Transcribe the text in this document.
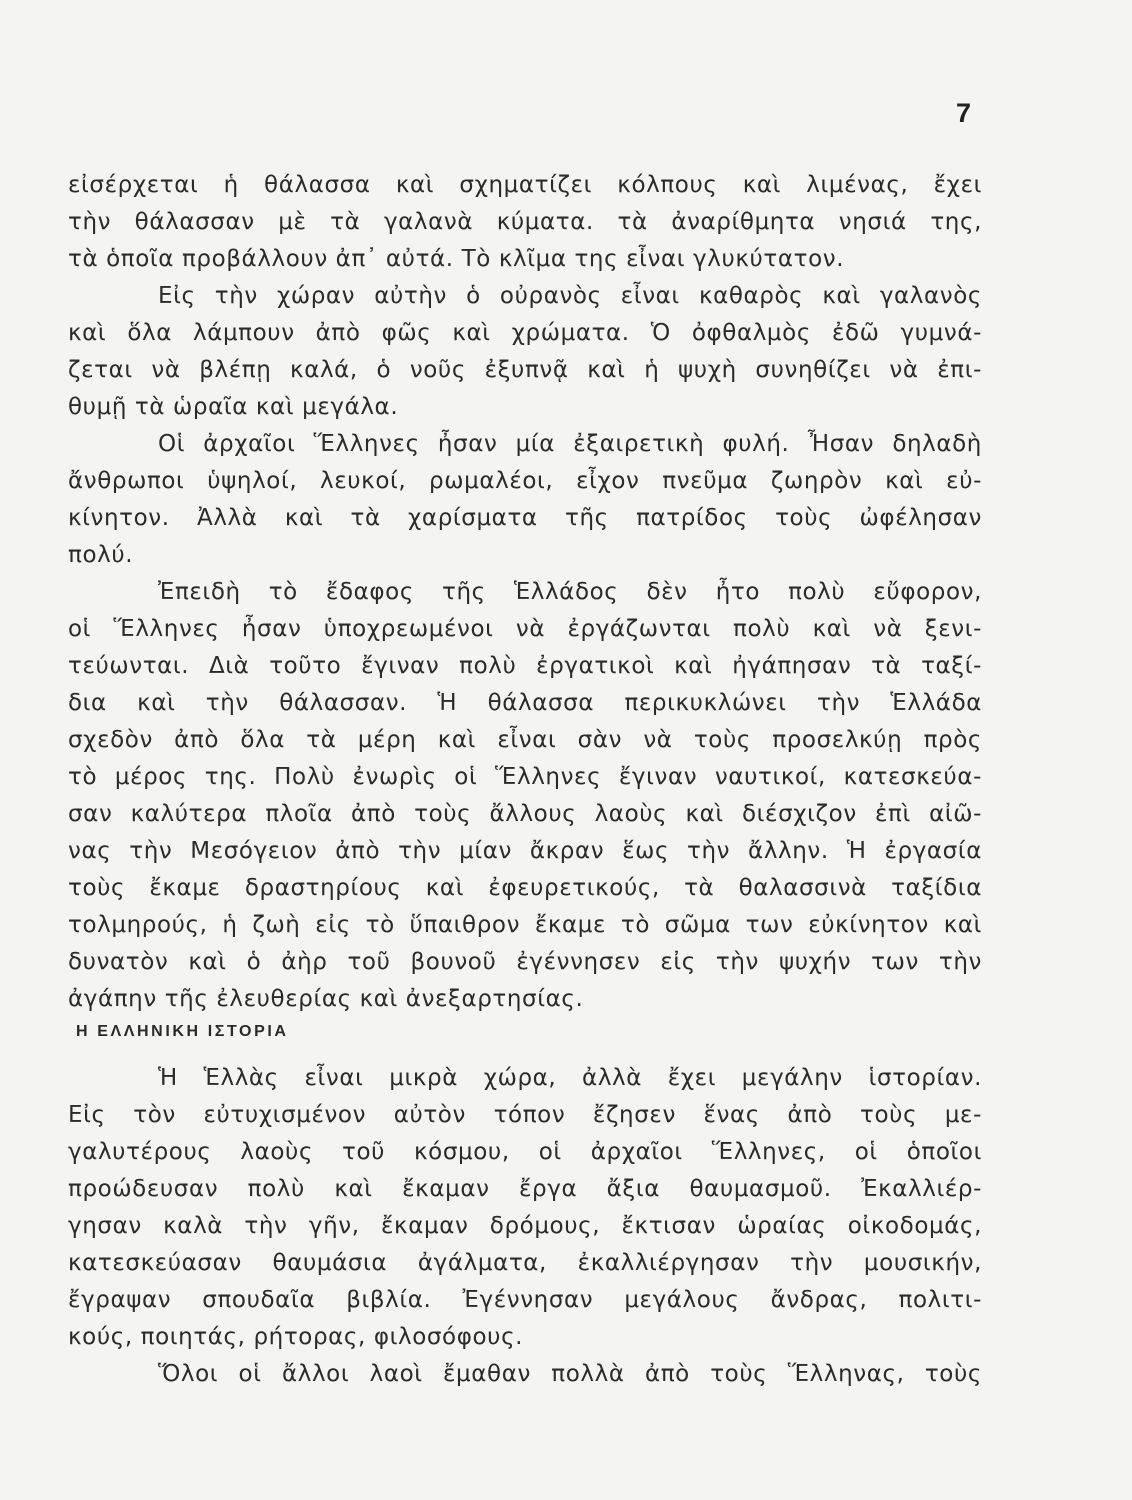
7
εἰσέρχεται ἡ θάλασσα καὶ σχηματίζει κόλπους καὶ λιμένας, ἔχει
τὴν θάλασσαν μὲ τὰ γαλανὰ κύματα. τὰ ἀναρίθμητα νησιά της,
τὰ ὁποῖα προβάλλουν ἀπ᾽ αὐτά. Τὸ κλῖμα της εἶναι γλυκύτατον.
Εἰς τὴν χώραν αὐτὴν ὁ οὐρανὸς εἶναι καθαρὸς καὶ γαλανὸς
καὶ ὅλα λάμπουν ἀπὸ φῶς καὶ χρώματα. Ὁ ὀφθαλμὸς ἐδῶ γυμνά-
ζεται νὰ βλέπῃ καλά, ὁ νοῦς ἐξυπνᾷ καὶ ἡ ψυχὴ συνηθίζει νὰ ἐπι-
θυμῇ τὰ ὡραῖα καὶ μεγάλα.
Οἱ ἀρχαῖοι Ἕλληνες ἦσαν μία ἐξαιρετικὴ φυλή. Ἦσαν δηλαδὴ
ἄνθρωποι ὑψηλοί, λευκοί, ρωμαλέοι, εἶχον πνεῦμα ζωηρὸν καὶ εὐ-
κίνητον. Ἀλλὰ καὶ τὰ χαρίσματα τῆς πατρίδος τοὺς ὠφέλησαν
πολύ.
Ἐπειδὴ τὸ ἔδαφος τῆς Ἑλλάδος δὲν ἦτο πολὺ εὔφορον,
οἱ Ἕλληνες ἦσαν ὑποχρεωμένοι νὰ ἐργάζωνται πολὺ καὶ νὰ ξενι-
τεύωνται. Διὰ τοῦτο ἔγιναν πολὺ ἐργατικοὶ καὶ ἠγάπησαν τὰ ταξί-
δια καὶ τὴν θάλασσαν. Ἡ θάλασσα περικυκλώνει τὴν Ἑλλάδα
σχεδὸν ἀπὸ ὅλα τὰ μέρη καὶ εἶναι σὰν νὰ τοὺς προσελκύῃ πρὸς
τὸ μέρος της. Πολὺ ἐνωρὶς οἱ Ἕλληνες ἔγιναν ναυτικοί, κατεσκεύα-
σαν καλύτερα πλοῖα ἀπὸ τοὺς ἄλλους λαοὺς καὶ διέσχιζον ἐπὶ αἰῶ-
νας τὴν Μεσόγειον ἀπὸ τὴν μίαν ἄκραν ἕως τὴν ἄλλην. Ἡ ἐργασία
τοὺς ἔκαμε δραστηρίους καὶ ἐφευρετικούς, τὰ θαλασσινὰ ταξίδια
τολμηρούς, ἡ ζωὴ εἰς τὸ ὕπαιθρον ἔκαμε τὸ σῶμα των εὐκίνητον καὶ
δυνατὸν καὶ ὁ ἀὴρ τοῦ βουνοῦ ἐγέννησεν εἰς τὴν ψυχήν των τὴν
ἀγάπην τῆς ἐλευθερίας καὶ ἀνεξαρτησίας.
Η ΕΛΛΗΝΙΚΗ ΙΣΤΟΡΙΑ
Ἡ Ἑλλὰς εἶναι μικρὰ χώρα, ἀλλὰ ἔχει μεγάλην ἱστορίαν.
Εἰς τὸν εὐτυχισμένον αὐτὸν τόπον ἔζησεν ἕνας ἀπὸ τοὺς με-
γαλυτέρους λαοὺς τοῦ κόσμου, οἱ ἀρχαῖοι Ἕλληνες, οἱ ὁποῖοι
προώδευσαν πολὺ καὶ ἔκαμαν ἔργα ἄξια θαυμασμοῦ. Ἐκαλλιέρ-
γησαν καλὰ τὴν γῆν, ἔκαμαν δρόμους, ἔκτισαν ὡραίας οἰκοδομάς,
κατεσκεύασαν θαυμάσια ἀγάλματα, ἐκαλλιέργησαν τὴν μουσικήν,
ἔγραψαν σπουδαῖα βιβλία. Ἐγέννησαν μεγάλους ἄνδρας, πολιτι-
κούς, ποιητάς, ρήτορας, φιλοσόφους.
Ὅλοι οἱ ἄλλοι λαοὶ ἔμαθαν πολλὰ ἀπὸ τοὺς Ἕλληνας, τοὺς
